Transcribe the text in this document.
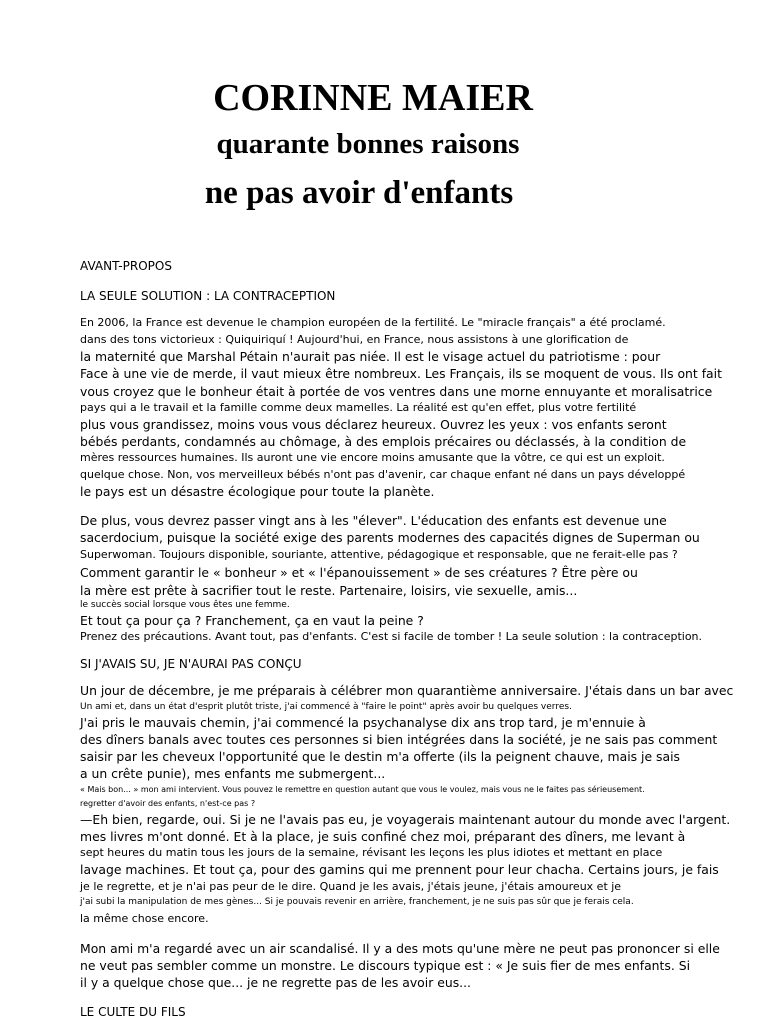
CORINNE MAIER
quarante bonnes raisons
ne pas avoir d'enfants

AVANT-PROPOS

LA SEULE SOLUTION : LA CONTRACEPTION

En 2006, la France est devenue le champion européen de la fertilité. Le "miracle français" a été proclamé.
dans des tons victorieux : Quiquiriquí ! Aujourd'hui, en France, nous assistons à une glorification de
la maternité que Marshal Pétain n'aurait pas niée. Il est le visage actuel du patriotisme : pour
Face à une vie de merde, il vaut mieux être nombreux. Les Français, ils se moquent de vous. Ils ont fait
vous croyez que le bonheur était à portée de vos ventres dans une morne ennuyante et moralisatrice
pays qui a le travail et la famille comme deux mamelles. La réalité est qu'en effet, plus votre fertilité
plus vous grandissez, moins vous vous déclarez heureux. Ouvrez les yeux : vos enfants seront
bébés perdants, condamnés au chômage, à des emplois précaires ou déclassés, à la condition de
mères ressources humaines. Ils auront une vie encore moins amusante que la vôtre, ce qui est un exploit.
quelque chose. Non, vos merveilleux bébés n'ont pas d'avenir, car chaque enfant né dans un pays développé
le pays est un désastre écologique pour toute la planète.
De plus, vous devrez passer vingt ans à les "élever". L'éducation des enfants est devenue une
sacerdocium, puisque la société exige des parents modernes des capacités dignes de Superman ou
Superwoman. Toujours disponible, souriante, attentive, pédagogique et responsable, que ne ferait-elle pas ?
Comment garantir le « bonheur » et « l'épanouissement » de ses créatures ? Être père ou
la mère est prête à sacrifier tout le reste. Partenaire, loisirs, vie sexuelle, amis...
le succès social lorsque vous êtes une femme.
Et tout ça pour ça ? Franchement, ça en vaut la peine ?
Prenez des précautions. Avant tout, pas d'enfants. C'est si facile de tomber ! La seule solution : la contraception.

SI J'AVAIS SU, JE N'AURAI PAS CONÇU

Un jour de décembre, je me préparais à célébrer mon quarantième anniversaire. J'étais dans un bar avec
Un ami et, dans un état d'esprit plutôt triste, j'ai commencé à "faire le point" après avoir bu quelques verres.
J'ai pris le mauvais chemin, j'ai commencé la psychanalyse dix ans trop tard, je m'ennuie à
des dîners banals avec toutes ces personnes si bien intégrées dans la société, je ne sais pas comment
saisir par les cheveux l'opportunité que le destin m'a offerte (ils la peignent chauve, mais je sais
a un crête punie), mes enfants me submergent...
« Mais bon... » mon ami intervient. Vous pouvez le remettre en question autant que vous le voulez, mais vous ne le faites pas sérieusement.
regretter d'avoir des enfants, n'est-ce pas ?
—Eh bien, regarde, oui. Si je ne l'avais pas eu, je voyagerais maintenant autour du monde avec l'argent.
mes livres m'ont donné. Et à la place, je suis confiné chez moi, préparant des dîners, me levant à
sept heures du matin tous les jours de la semaine, révisant les leçons les plus idiotes et mettant en place
lavage machines. Et tout ça, pour des gamins qui me prennent pour leur chacha. Certains jours, je fais
je le regrette, et je n'ai pas peur de le dire. Quand je les avais, j'étais jeune, j'étais amoureux et je
j'ai subi la manipulation de mes gènes... Si je pouvais revenir en arrière, franchement, je ne suis pas sûr que je ferais cela.
la même chose encore.
Mon ami m'a regardé avec un air scandalisé. Il y a des mots qu'une mère ne peut pas prononcer si elle
ne veut pas sembler comme un monstre. Le discours typique est : « Je suis fier de mes enfants. Si
il y a quelque chose que... je ne regrette pas de les avoir eus...

LE CULTE DU FILS
